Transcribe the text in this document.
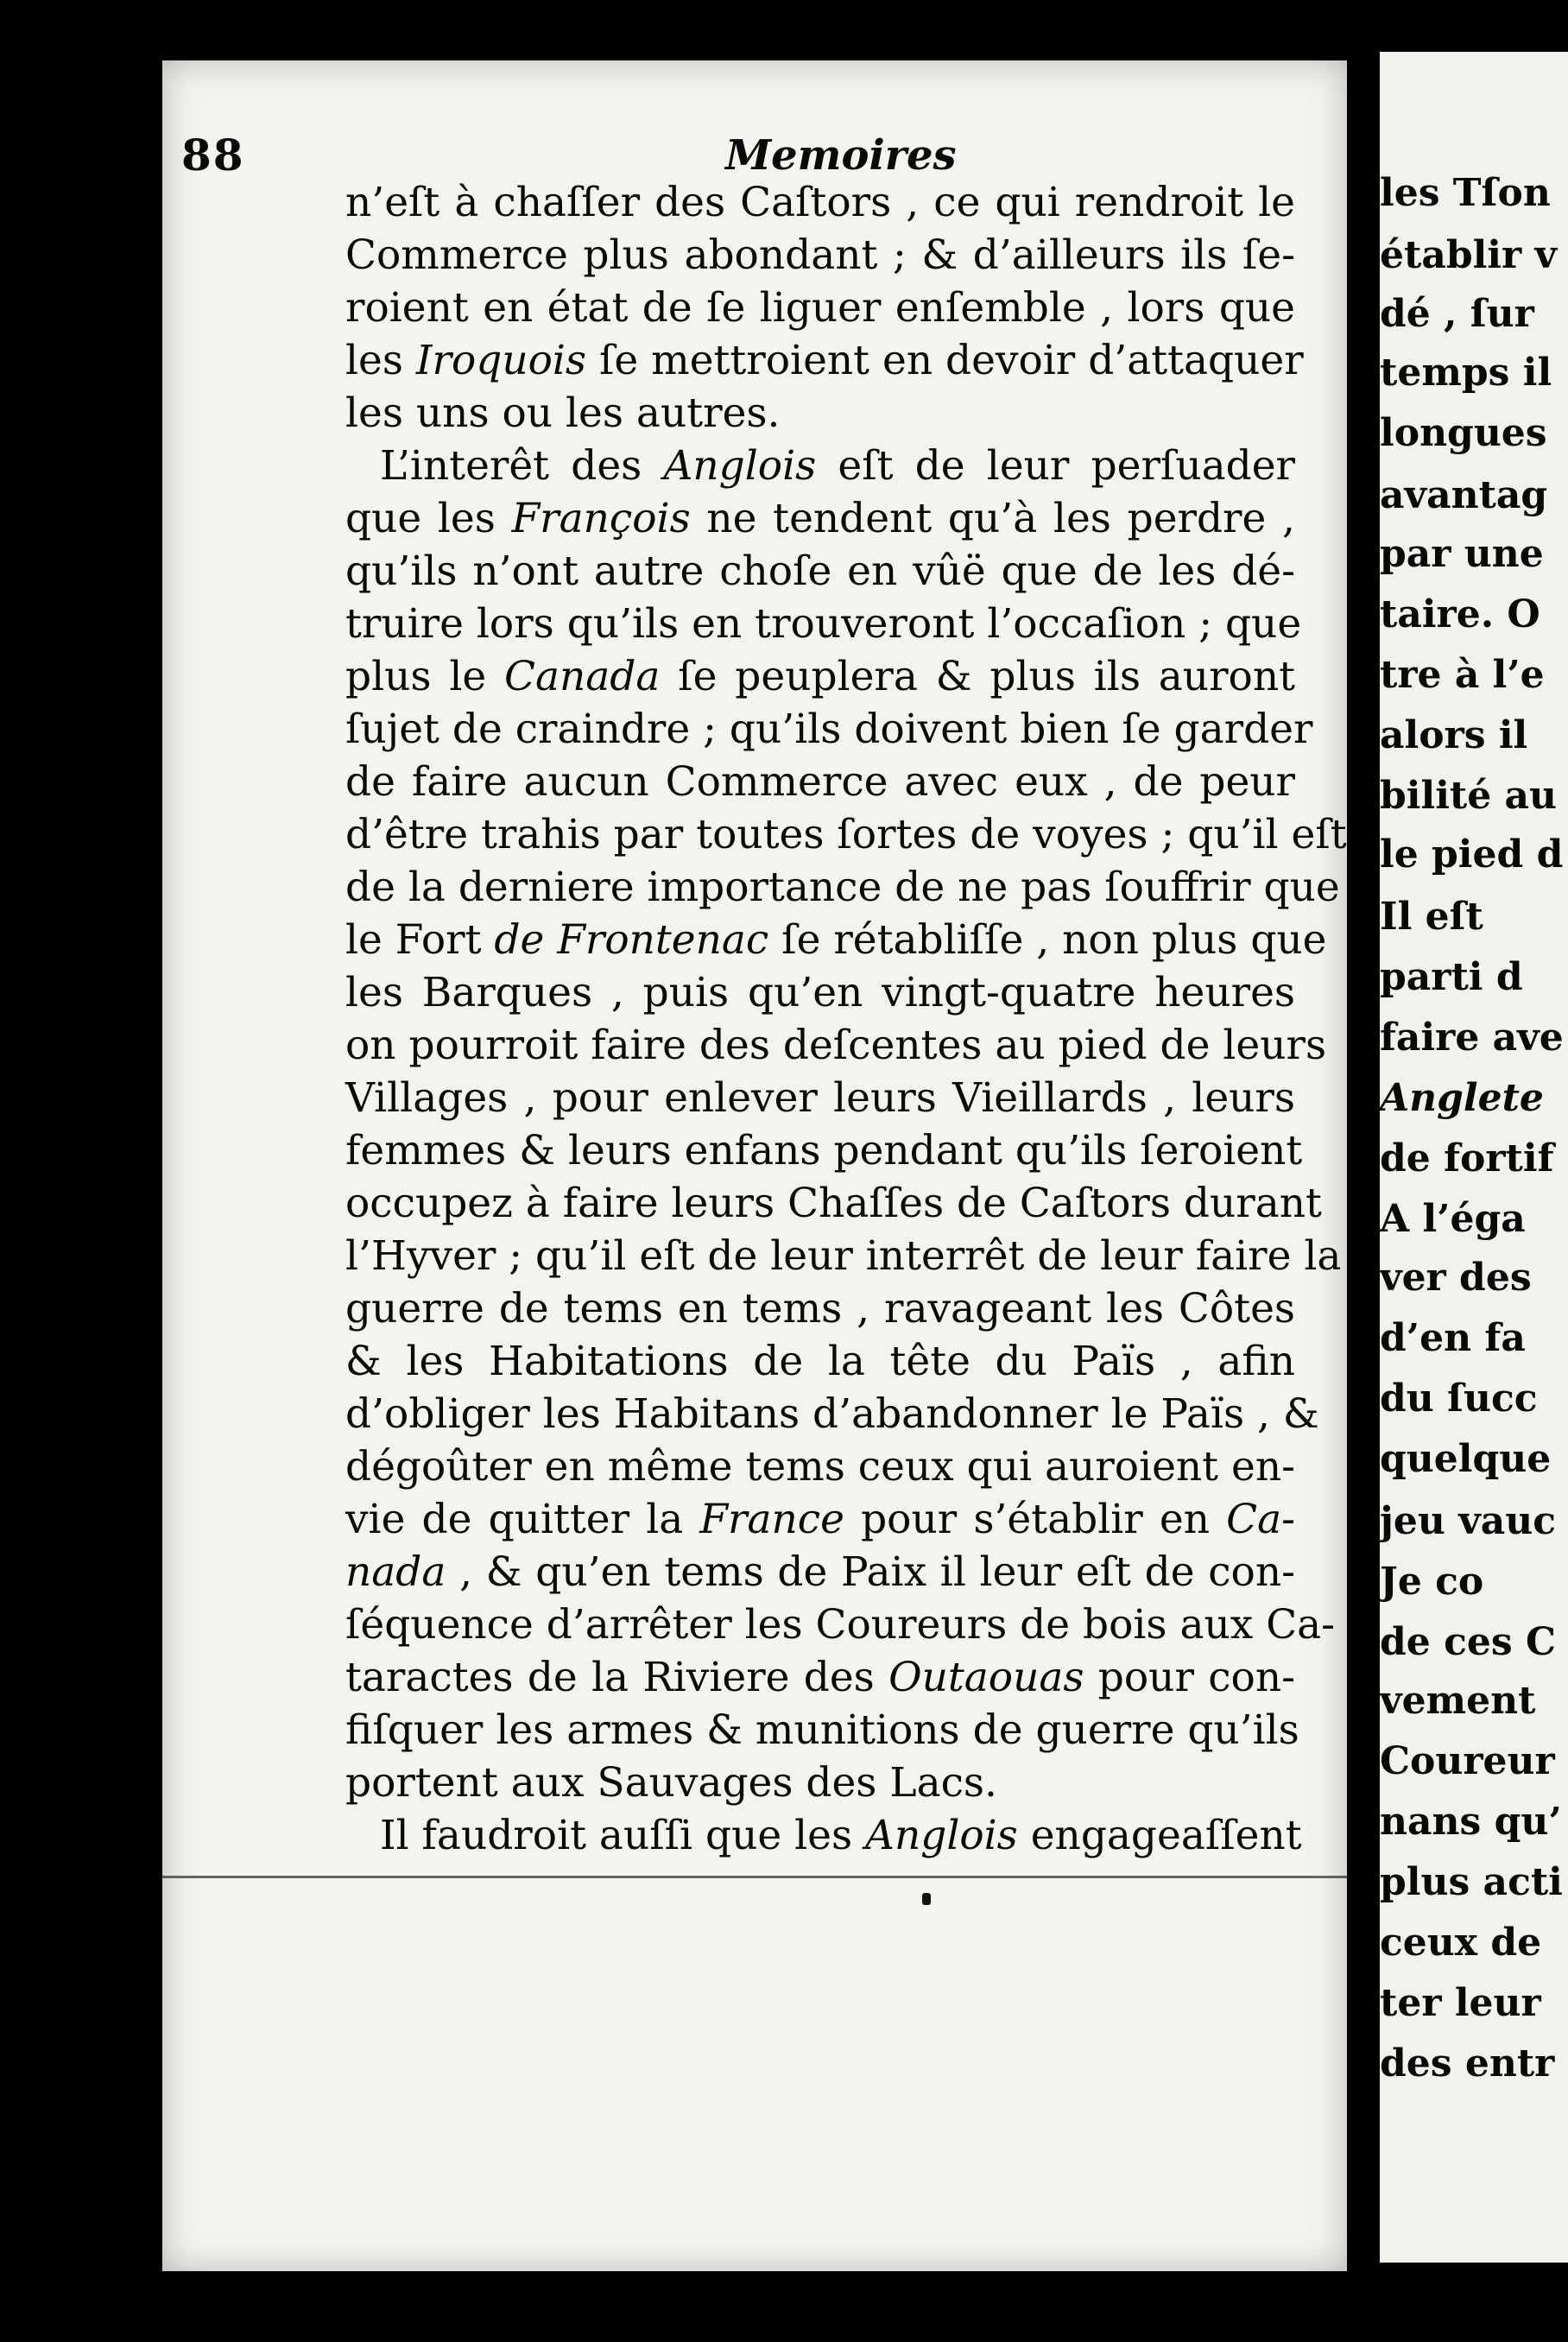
88	Memoires
n’eſt à chaſſer des Caſtors , ce qui rendroit le
Commerce plus abondant ; & d’ailleurs ils ſe-
roient en état de ſe liguer enſemble , lors que
les Iroquois ſe mettroient en devoir d’attaquer
les uns ou les autres.
L’interêt des Anglois eſt de leur perſuader
que les François ne tendent qu’à les perdre ,
qu’ils n’ont autre choſe en vûë que de les dé-
truire lors qu’ils en trouveront l’occaſion ; que
plus le Canada ſe peuplera & plus ils auront
ſujet de craindre ; qu’ils doivent bien ſe garder
de faire aucun Commerce avec eux , de peur
d’être trahis par toutes ſortes de voyes ; qu’il eſt
de la derniere importance de ne pas ſouffrir que
le Fort de Frontenac ſe rétabliſſe , non plus que
les Barques , puis qu’en vingt-quatre heures
on pourroit faire des deſcentes au pied de leurs
Villages , pour enlever leurs Vieillards , leurs
femmes & leurs enfans pendant qu’ils ſeroient
occupez à faire leurs Chaſſes de Caſtors durant
l’Hyver ; qu’il eſt de leur interrêt de leur faire la
guerre de tems en tems , ravageant les Côtes
& les Habitations de la tête du Païs , afin
d’obliger les Habitans d’abandonner le Païs , &
dégoûter en même tems ceux qui auroient en-
vie de quitter la France pour s’établir en Ca-
nada , & qu’en tems de Paix il leur eſt de con-
ſéquence d’arrêter les Coureurs de bois aux Ca-
taractes de la Riviere des Outaouas pour con-
fiſquer les armes & munitions de guerre qu’ils
portent aux Sauvages des Lacs.
Il faudroit auſſi que les Anglois engageaſſent
les Tſon
établir v
dé , ſur
temps il
longues
avantag
par une
taire. O
tre à l’e
alors il
bilité au
le pied d
Il eſt
parti d
faire ave
Anglete
de fortif
A l’éga
ver des
d’en fa
du ſucc
quelque
jeu vauc
Je co
de ces C
vement
Coureur
nans qu’
plus acti
ceux de
ter leur
des entr
